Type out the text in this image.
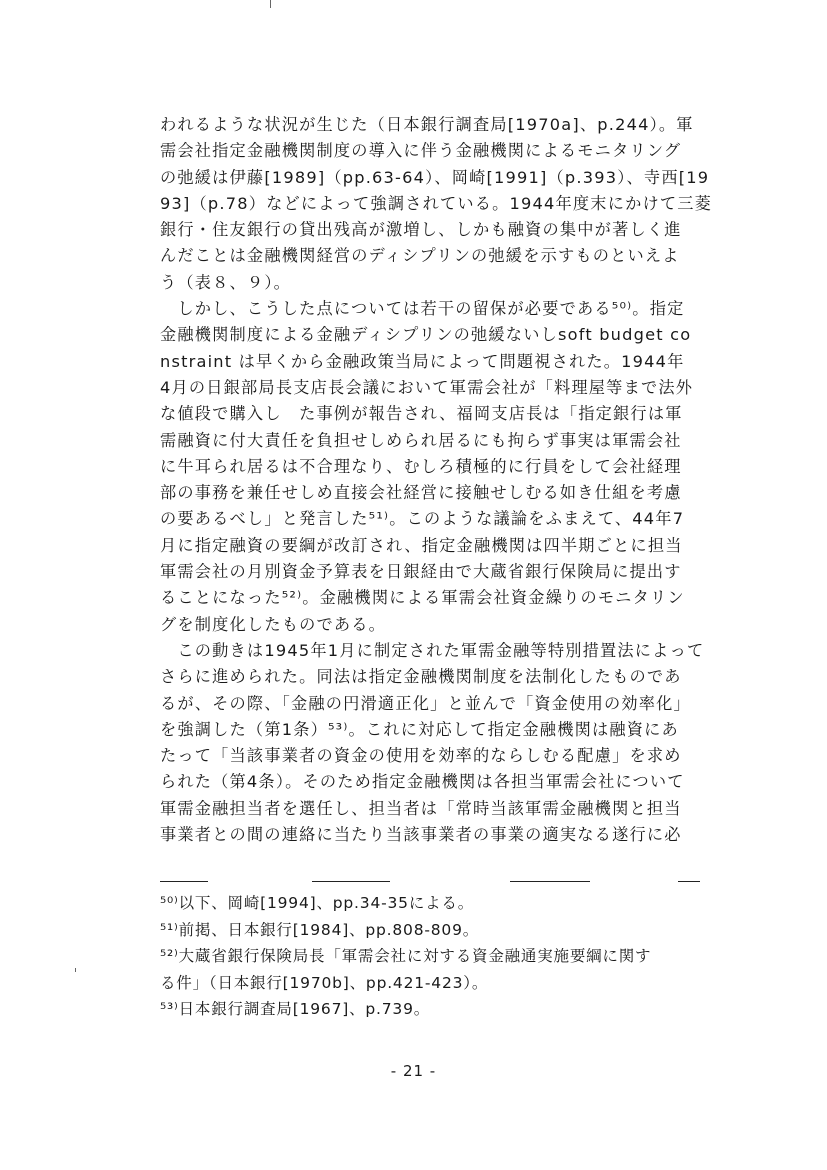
われるような状況が生じた（日本銀行調査局[1970a]、p.244）。軍
需会社指定金融機関制度の導入に伴う金融機関によるモニタリング
の弛緩は伊藤[1989]（pp.63-64）、岡崎[1991]（p.393）、寺西[19
93]（p.78）などによって強調されている。1944年度末にかけて三菱
銀行・住友銀行の貸出残高が激増し、しかも融資の集中が著しく進
んだことは金融機関経営のディシプリンの弛緩を示すものといえよ
う（表８、９）。
　しかし、こうした点については若干の留保が必要である⁵⁰⁾。指定
金融機関制度による金融ディシプリンの弛緩ないしsoft budget co
nstraint は早くから金融政策当局によって問題視された。1944年
4月の日銀部局長支店長会議において軍需会社が「料理屋等まで法外
な値段で購入し　た事例が報告され、福岡支店長は「指定銀行は軍
需融資に付大責任を負担せしめられ居るにも拘らず事実は軍需会社
に牛耳られ居るは不合理なり、むしろ積極的に行員をして会社経理
部の事務を兼任せしめ直接会社経営に接触せしむる如き仕組を考慮
の要あるべし」と発言した⁵¹⁾。このような議論をふまえて、44年7
月に指定融資の要綱が改訂され、指定金融機関は四半期ごとに担当
軍需会社の月別資金予算表を日銀経由で大蔵省銀行保険局に提出す
ることになった⁵²⁾。金融機関による軍需会社資金繰りのモニタリン
グを制度化したものである。
　この動きは1945年1月に制定された軍需金融等特別措置法によって
さらに進められた。同法は指定金融機関制度を法制化したものであ
るが、その際、「金融の円滑適正化」と並んで「資金使用の効率化」
を強調した（第1条）⁵³⁾。これに対応して指定金融機関は融資にあ
たって「当該事業者の資金の使用を効率的ならしむる配慮」を求め
られた（第4条）。そのため指定金融機関は各担当軍需会社について
軍需金融担当者を選任し、担当者は「常時当該軍需金融機関と担当
事業者との間の連絡に当たり当該事業者の事業の適実なる遂行に必
⁵⁰⁾以下、岡崎[1994]、pp.34-35による。
⁵¹⁾前掲、日本銀行[1984]、pp.808-809。
⁵²⁾大蔵省銀行保険局長「軍需会社に対する資金融通実施要綱に関す
る件」（日本銀行[1970b]、pp.421-423）。
⁵³⁾日本銀行調査局[1967]、p.739。
- 21 -
